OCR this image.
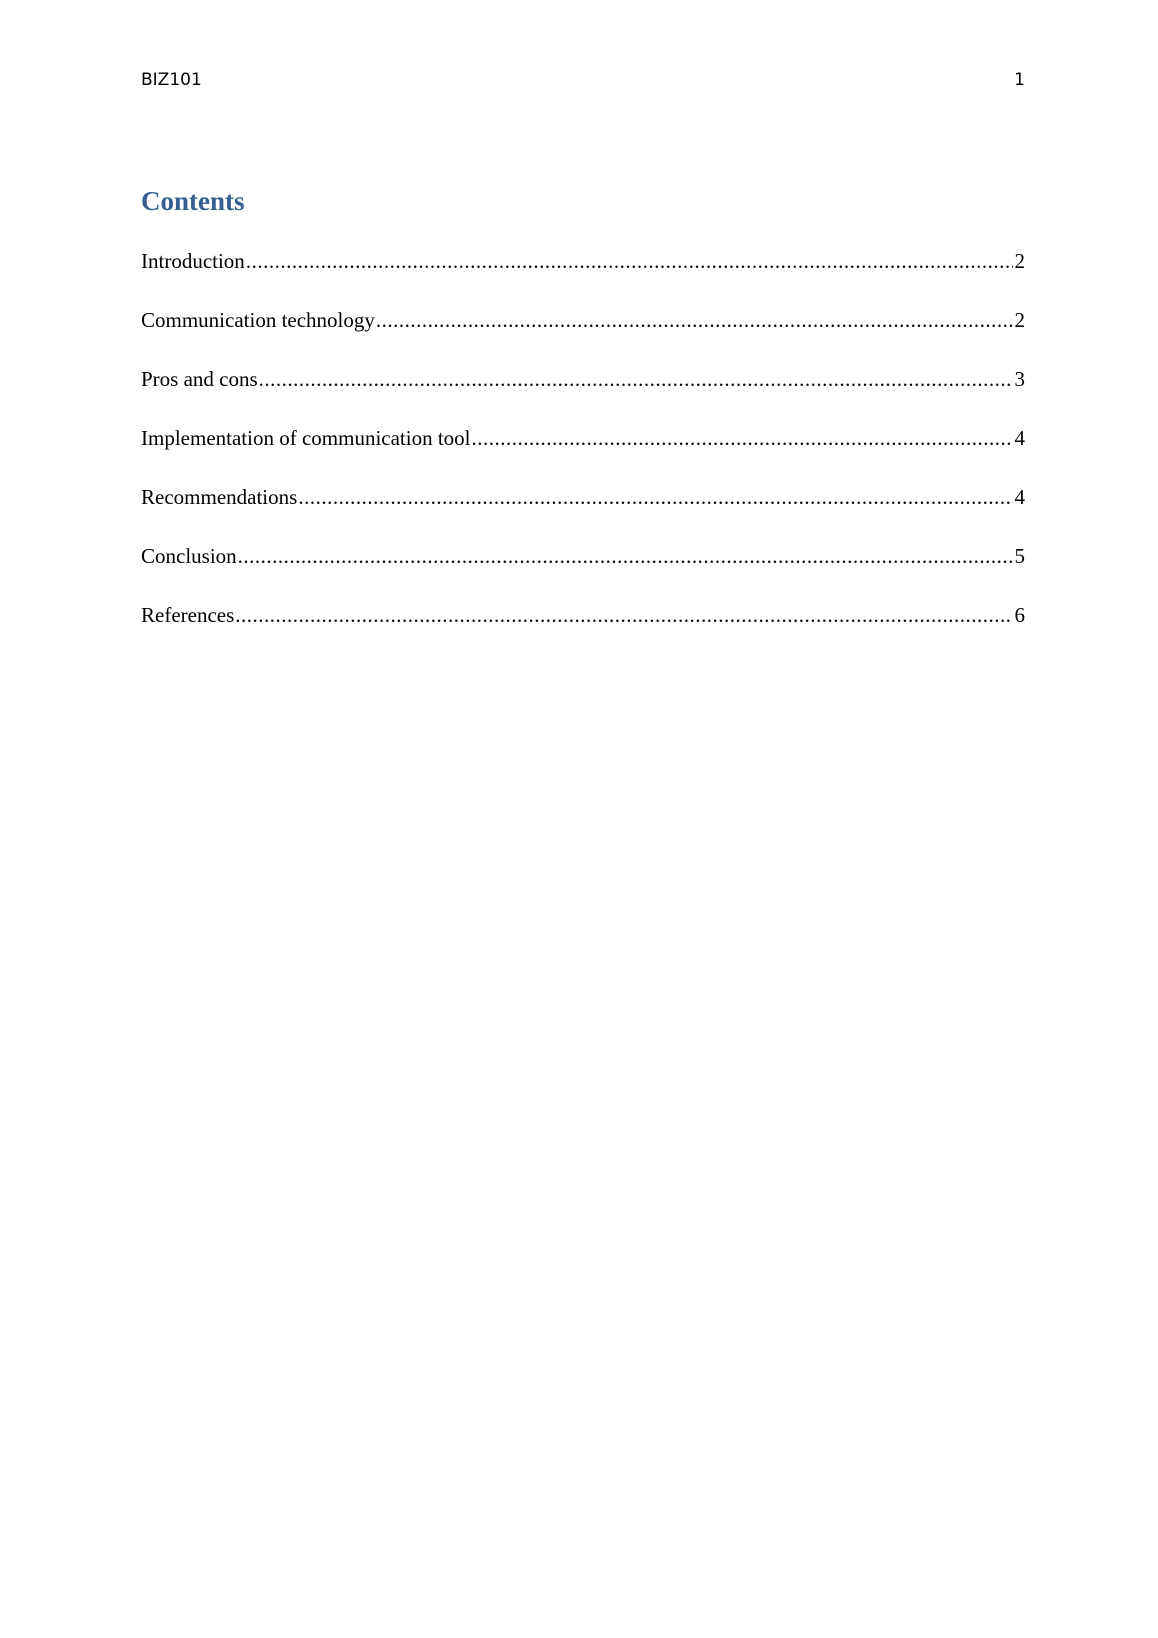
BIZ101	1
Contents
Introduction .....	2
Communication technology .....	2
Pros and cons .....	3
Implementation of communication tool .....	4
Recommendations .....	4
Conclusion .....	5
References .....	6
